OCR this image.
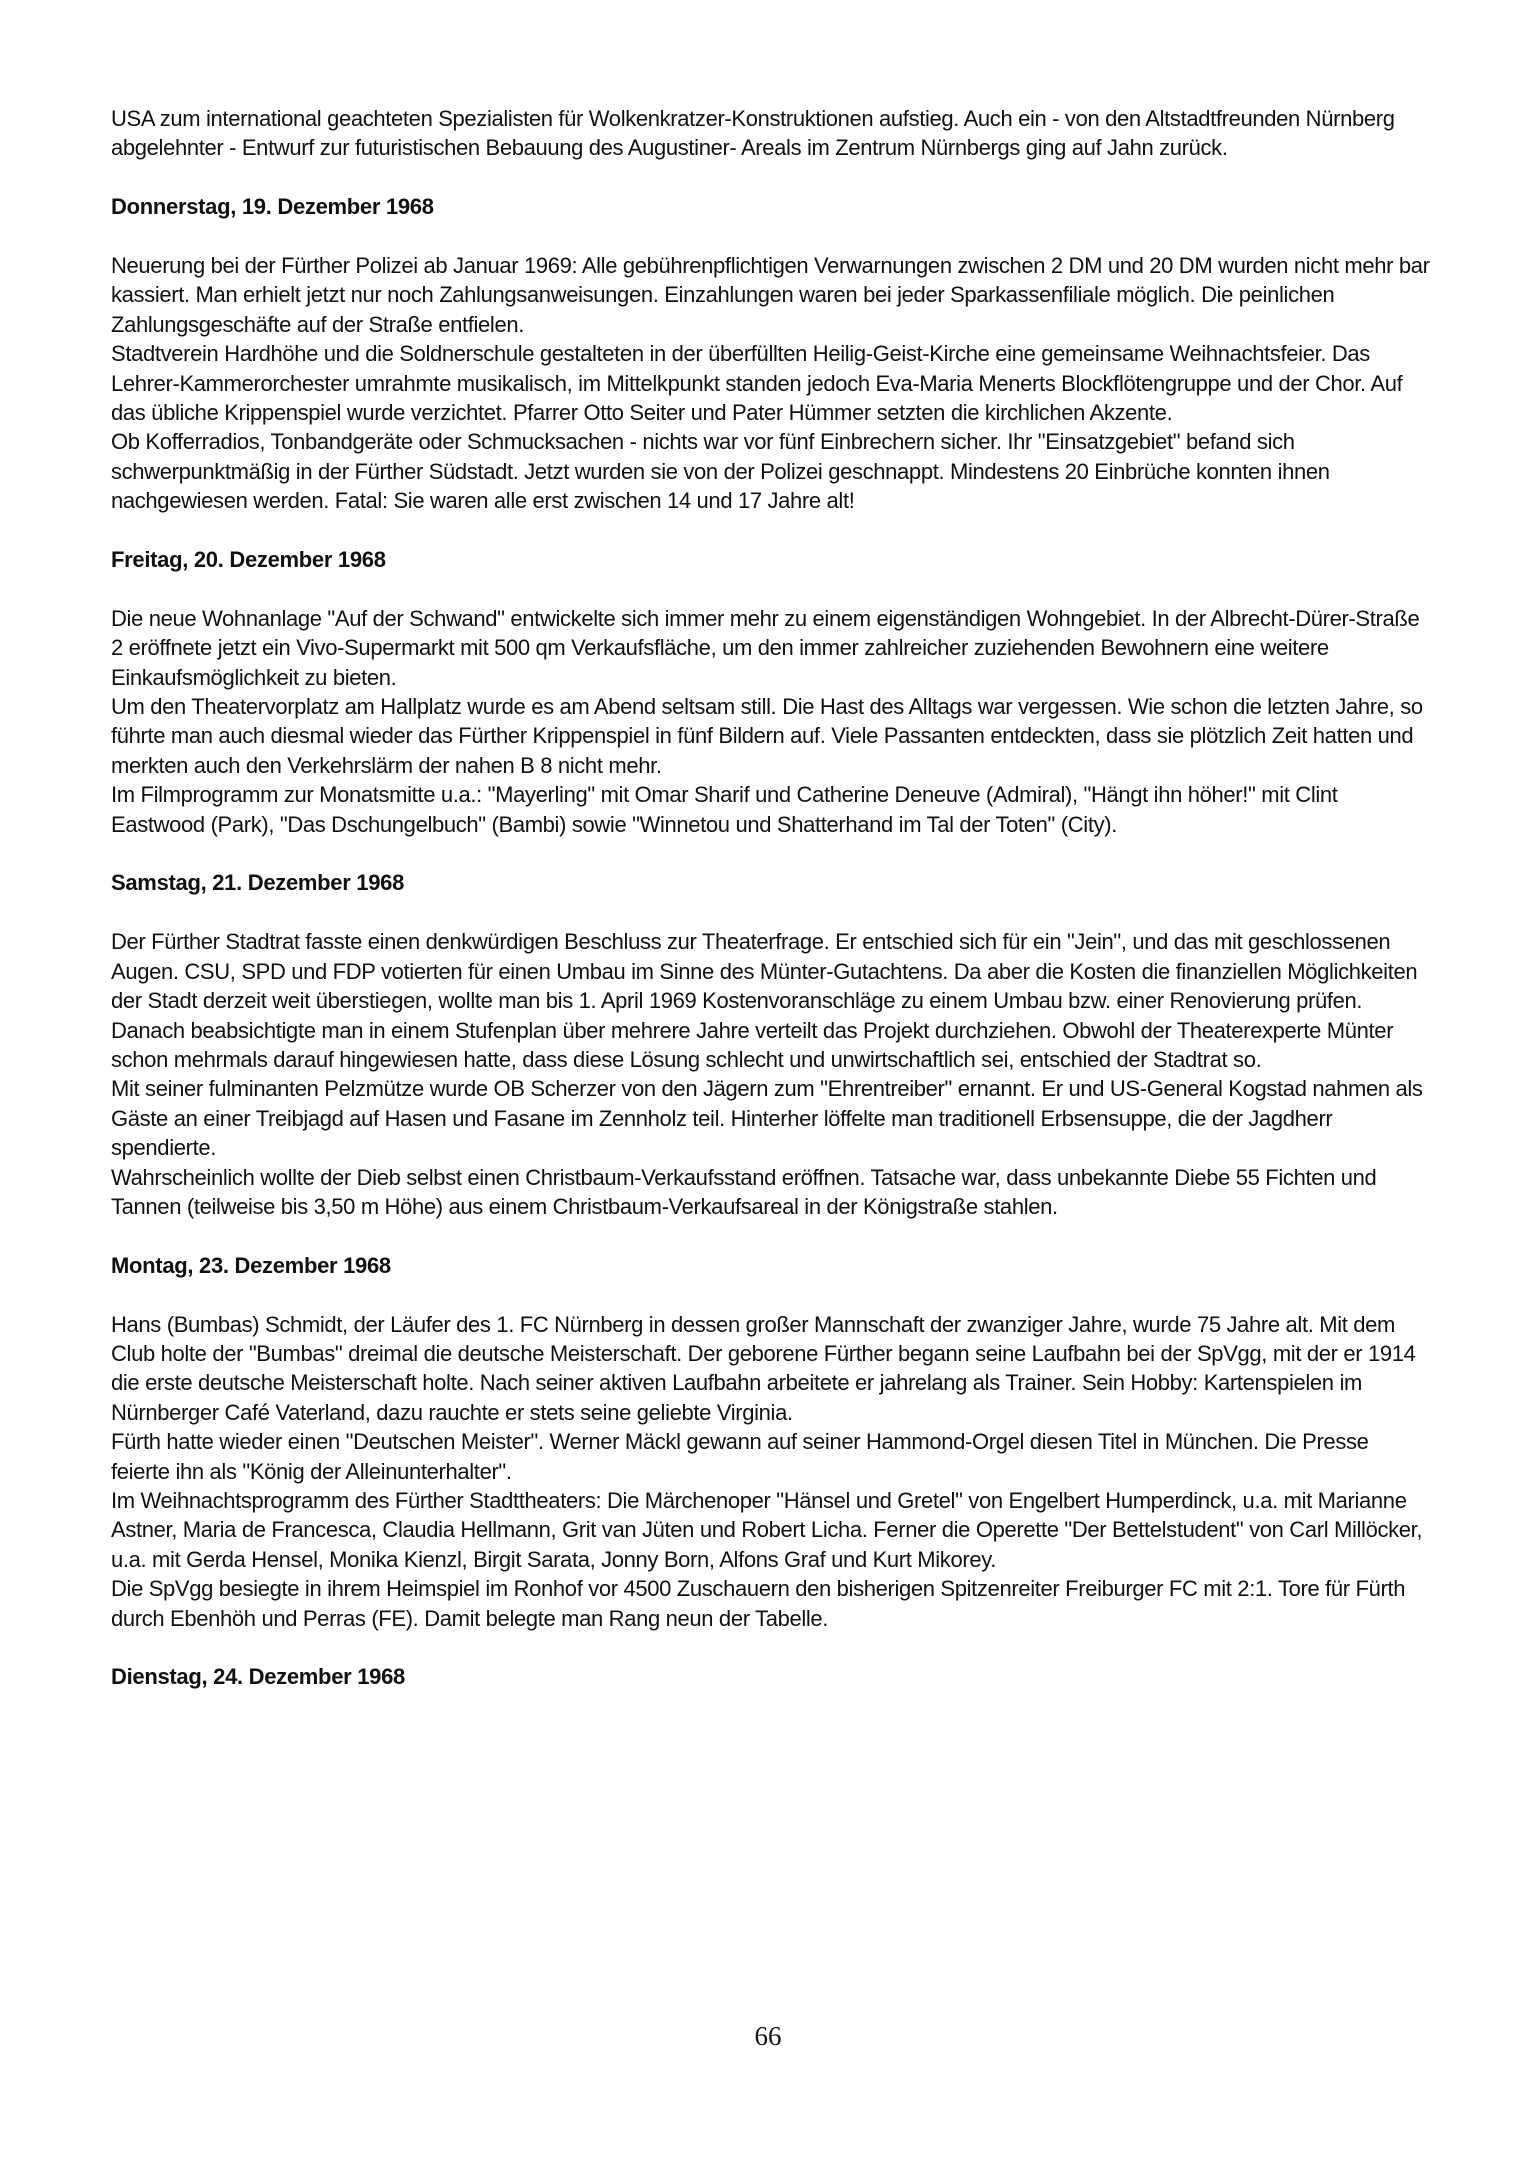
USA zum international geachteten Spezialisten für Wolkenkratzer-Konstruktionen aufstieg. Auch ein - von den Altstadtfreunden Nürnberg abgelehnter - Entwurf zur futuristischen Bebauung des Augustiner- Areals im Zentrum Nürnbergs ging auf Jahn zurück.

Donnerstag, 19. Dezember 1968

Neuerung bei der Fürther Polizei ab Januar 1969: Alle gebührenpflichtigen Verwarnungen zwischen 2 DM und 20 DM wurden nicht mehr bar kassiert. Man erhielt jetzt nur noch Zahlungsanweisungen. Einzahlungen waren bei jeder Sparkassenfiliale möglich. Die peinlichen Zahlungsgeschäfte auf der Straße entfielen.

Stadtverein Hardhöhe und die Soldnerschule gestalteten in der überfüllten Heilig-Geist-Kirche eine gemeinsame Weihnachtsfeier. Das Lehrer-Kammerorchester umrahmte musikalisch, im Mittelkpunkt standen jedoch Eva-Maria Menerts Blockflötengruppe und der Chor. Auf das übliche Krippenspiel wurde verzichtet. Pfarrer Otto Seiter und Pater Hümmer setzten die kirchlichen Akzente.

Ob Kofferradios, Tonbandgeräte oder Schmucksachen - nichts war vor fünf Einbrechern sicher. Ihr "Einsatzgebiet" befand sich schwerpunktmäßig in der Fürther Südstadt. Jetzt wurden sie von der Polizei geschnappt. Mindestens 20 Einbrüche konnten ihnen nachgewiesen werden. Fatal: Sie waren alle erst zwischen 14 und 17 Jahre alt!

Freitag, 20. Dezember 1968

Die neue Wohnanlage "Auf der Schwand" entwickelte sich immer mehr zu einem eigenständigen Wohngebiet. In der Albrecht-Dürer-Straße 2 eröffnete jetzt ein Vivo-Supermarkt mit 500 qm Verkaufsfläche, um den immer zahlreicher zuziehenden Bewohnern eine weitere Einkaufsmöglichkeit zu bieten.

Um den Theatervorplatz am Hallplatz wurde es am Abend seltsam still. Die Hast des Alltags war vergessen. Wie schon die letzten Jahre, so führte man auch diesmal wieder das Fürther Krippenspiel in fünf Bildern auf. Viele Passanten entdeckten, dass sie plötzlich Zeit hatten und merkten auch den Verkehrslärm der nahen B 8 nicht mehr.

Im Filmprogramm zur Monatsmitte u.a.: "Mayerling" mit Omar Sharif und Catherine Deneuve (Admiral), "Hängt ihn höher!" mit Clint Eastwood (Park), "Das Dschungelbuch" (Bambi) sowie "Winnetou und Shatterhand im Tal der Toten" (City).

Samstag, 21. Dezember 1968

Der Fürther Stadtrat fasste einen denkwürdigen Beschluss zur Theaterfrage. Er entschied sich für ein "Jein", und das mit geschlossenen Augen. CSU, SPD und FDP votierten für einen Umbau im Sinne des Münter-Gutachtens. Da aber die Kosten die finanziellen Möglichkeiten der Stadt derzeit weit überstiegen, wollte man bis 1. April 1969 Kostenvoranschläge zu einem Umbau bzw. einer Renovierung prüfen. Danach beabsichtigte man in einem Stufenplan über mehrere Jahre verteilt das Projekt durchziehen. Obwohl der Theaterexperte Münter schon mehrmals darauf hingewiesen hatte, dass diese Lösung schlecht und unwirtschaftlich sei, entschied der Stadtrat so.

Mit seiner fulminanten Pelzmütze wurde OB Scherzer von den Jägern zum "Ehrentreiber" ernannt. Er und US-General Kogstad nahmen als Gäste an einer Treibjagd auf Hasen und Fasane im Zennholz teil. Hinterher löffelte man traditionell Erbsensuppe, die der Jagdherr spendierte.

Wahrscheinlich wollte der Dieb selbst einen Christbaum-Verkaufsstand eröffnen. Tatsache war, dass unbekannte Diebe 55 Fichten und Tannen (teilweise bis 3,50 m Höhe) aus einem Christbaum-Verkaufsareal in der Königstraße stahlen.

Montag, 23. Dezember 1968

Hans (Bumbas) Schmidt, der Läufer des 1. FC Nürnberg in dessen großer Mannschaft der zwanziger Jahre, wurde 75 Jahre alt. Mit dem Club holte der "Bumbas" dreimal die deutsche Meisterschaft. Der geborene Fürther begann seine Laufbahn bei der SpVgg, mit der er 1914 die erste deutsche Meisterschaft holte. Nach seiner aktiven Laufbahn arbeitete er jahrelang als Trainer. Sein Hobby: Kartenspielen im Nürnberger Café Vaterland, dazu rauchte er stets seine geliebte Virginia.

Fürth hatte wieder einen "Deutschen Meister". Werner Mäckl gewann auf seiner Hammond-Orgel diesen Titel in München. Die Presse feierte ihn als "König der Alleinunterhalter".

Im Weihnachtsprogramm des Fürther Stadttheaters: Die Märchenoper "Hänsel und Gretel" von Engelbert Humperdinck, u.a. mit Marianne Astner, Maria de Francesca, Claudia Hellmann, Grit van Jüten und Robert Licha. Ferner die Operette "Der Bettelstudent" von Carl Millöcker, u.a. mit Gerda Hensel, Monika Kienzl, Birgit Sarata, Jonny Born, Alfons Graf und Kurt Mikorey.

Die SpVgg besiegte in ihrem Heimspiel im Ronhof vor 4500 Zuschauern den bisherigen Spitzenreiter Freiburger FC mit 2:1. Tore für Fürth durch Ebenhöh und Perras (FE). Damit belegte man Rang neun der Tabelle.

Dienstag, 24. Dezember 1968
66
